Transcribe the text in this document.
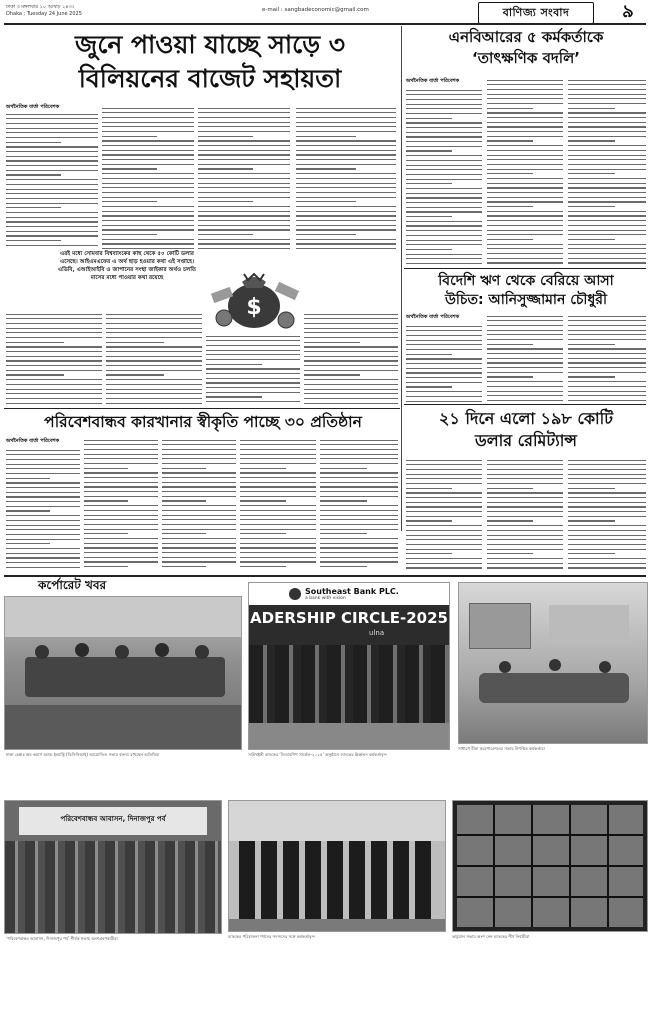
ঢাকা ॥ মঙ্গলবার ১০ আষাঢ় ১৪৩২
Dhaka ; Tuesday 24 June 2025
e-mail : sangbadeconomic@gmail.com	বাণিজ্য সংবাদ	৯
জুনে পাওয়া যাচ্ছে সাড়ে ৩
বিলিয়নের বাজেট সহায়তা
অর্থনৈতিক বার্তা পরিবেশক
এরই মধ্যে সোমবার বিশ্বব্যাংকের কাছ থেকে ৫০ কোটি ডলার এসেছে। আইএমএফের এ অর্থ ছাড় হওয়ার কথা এই সপ্তাহে। এডিবি, এআইআইবি ও জাপানের সংস্থা জাইকার অর্থও চলতি মাসের মধ্যে পাওয়ার কথা রয়েছে
$
এনবিআরের ৫ কর্মকর্তাকে
‘তাৎক্ষণিক বদলি’
অর্থনৈতিক বার্তা পরিবেশক
বিদেশি ঋণ থেকে বেরিয়ে আসা
উচিত: আনিসুজ্জামান চৌধুরী
অর্থনৈতিক বার্তা পরিবেশক
২১ দিনে এলো ১৯৮ কোটি
ডলার রেমিট্যান্স
পরিবেশবান্ধব কারখানার স্বীকৃতি পাচ্ছে ৩০ প্রতিষ্ঠান
অর্থনৈতিক বার্তা পরিবেশক
কর্পোরেট খবর	Southeast Bank PLC.
a bank with vision
ADERSHIP CIRCLE-2025
ulna
ঢাকা চেম্বার অব কমার্স অ্যান্ড ইন্ডাস্ট্রি (ডিসিসিআই) আয়োজিত সভায় বক্তব্য রাখছেন অতিথিরা	সাউথইস্ট ব্যাংকের ‘লিডারশিপ সার্কেল-২০২৫’ অনুষ্ঠানে ব্যাংকের ঊর্ধ্বতন কর্মকর্তাবৃন্দ
সাধারণ বীমা করপোরেশনের সভায় উপস্থিত কর্মকর্তারা
পরিবেশবান্ধব আবাসন, দিনাজপুর পর্ব
‘পরিবেশবান্ধব আবাসন, দিনাজপুর পর্ব’ শীর্ষক সভায় অংশগ্রহণকারীরা	ব্যাংকের পরিচালনা পর্ষদের সদস্যদের সঙ্গে কর্মকর্তাবৃন্দ	ভার্চুয়াল সভায় অংশ নেন ব্যাংকের শীর্ষ নির্বাহীরা
